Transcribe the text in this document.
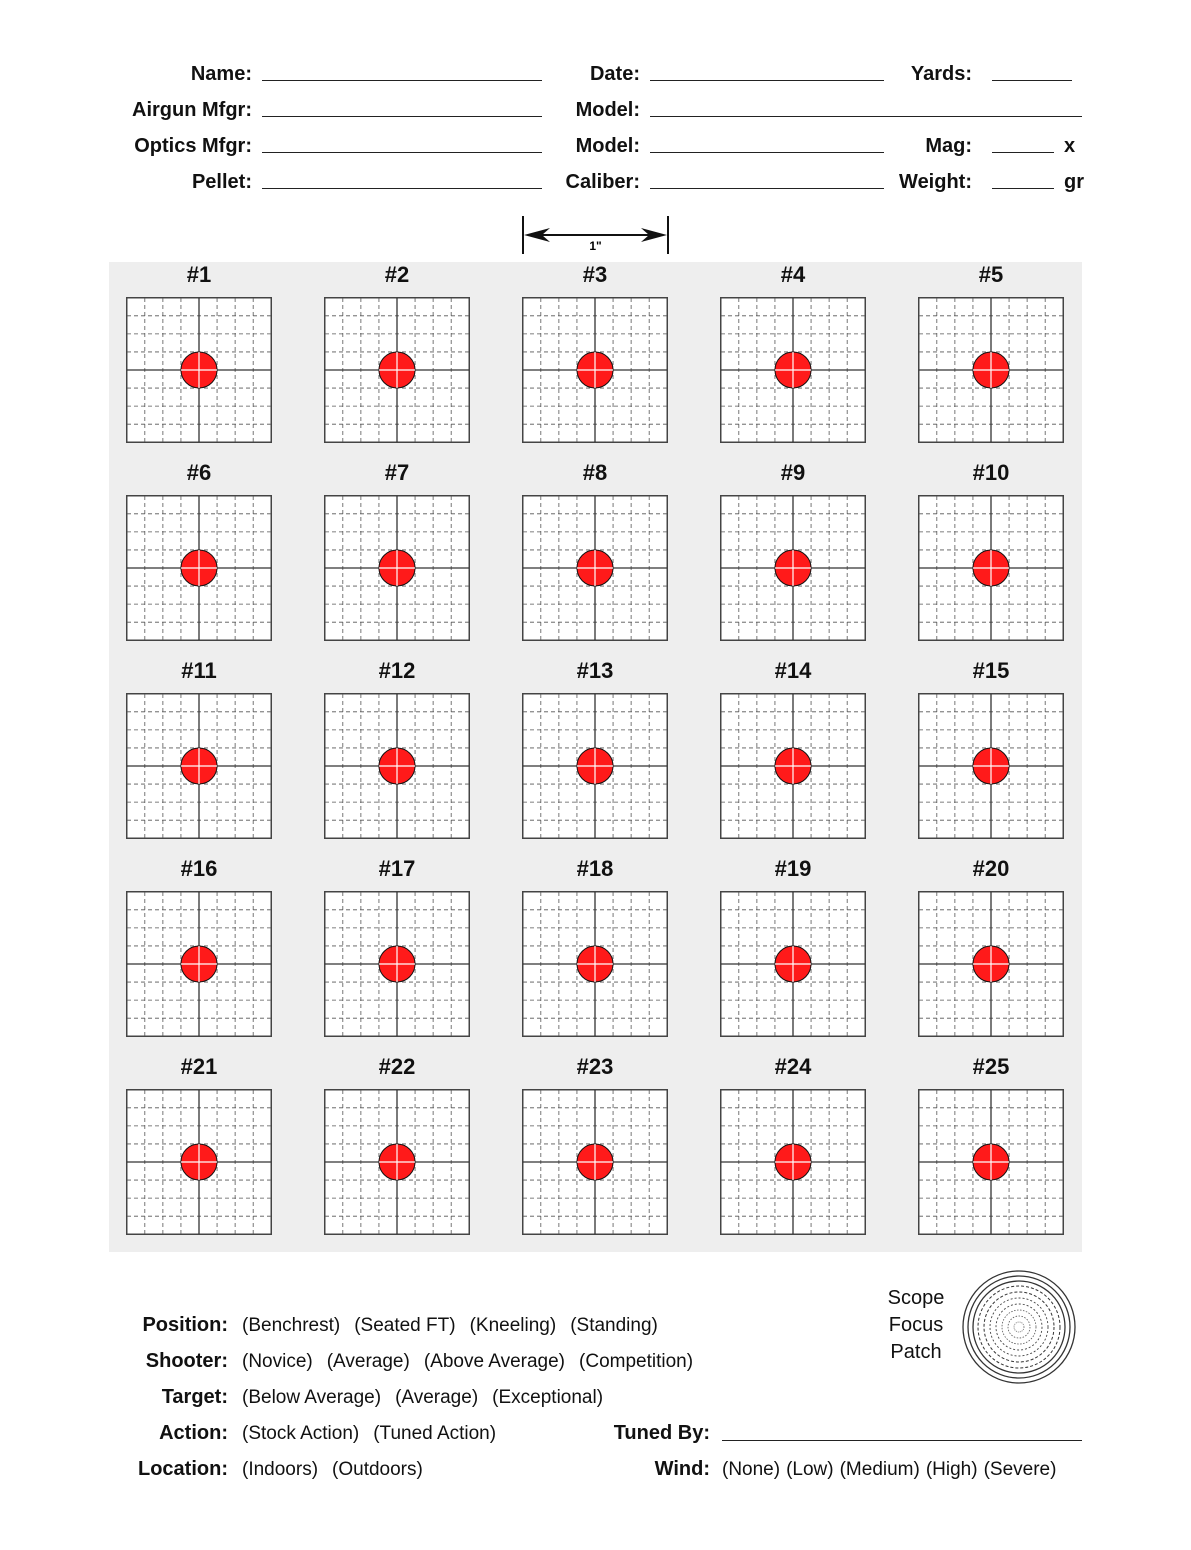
Name:	Date:	Yards:
Airgun Mfgr:	Model:
Optics Mfgr:	Model:	Mag:	x
Pellet:	Caliber:	Weight:	gr
1"
#1	#2	#3	#4	#5
#6	#7	#8	#9	#10
#11	#12	#13	#14	#15
#16	#17	#18	#19	#20
#21	#22	#23	#24	#25
Position: (Benchrest) (Seated FT) (Kneeling) (Standing)
Shooter: (Novice) (Average) (Above Average) (Competition)
Target: (Below Average) (Average) (Exceptional)
Action: (Stock Action) (Tuned Action)
Location: (Indoors) (Outdoors)
Tuned By:
Wind: (None) (Low) (Medium) (High) (Severe)
Scope
Focus
Patch
